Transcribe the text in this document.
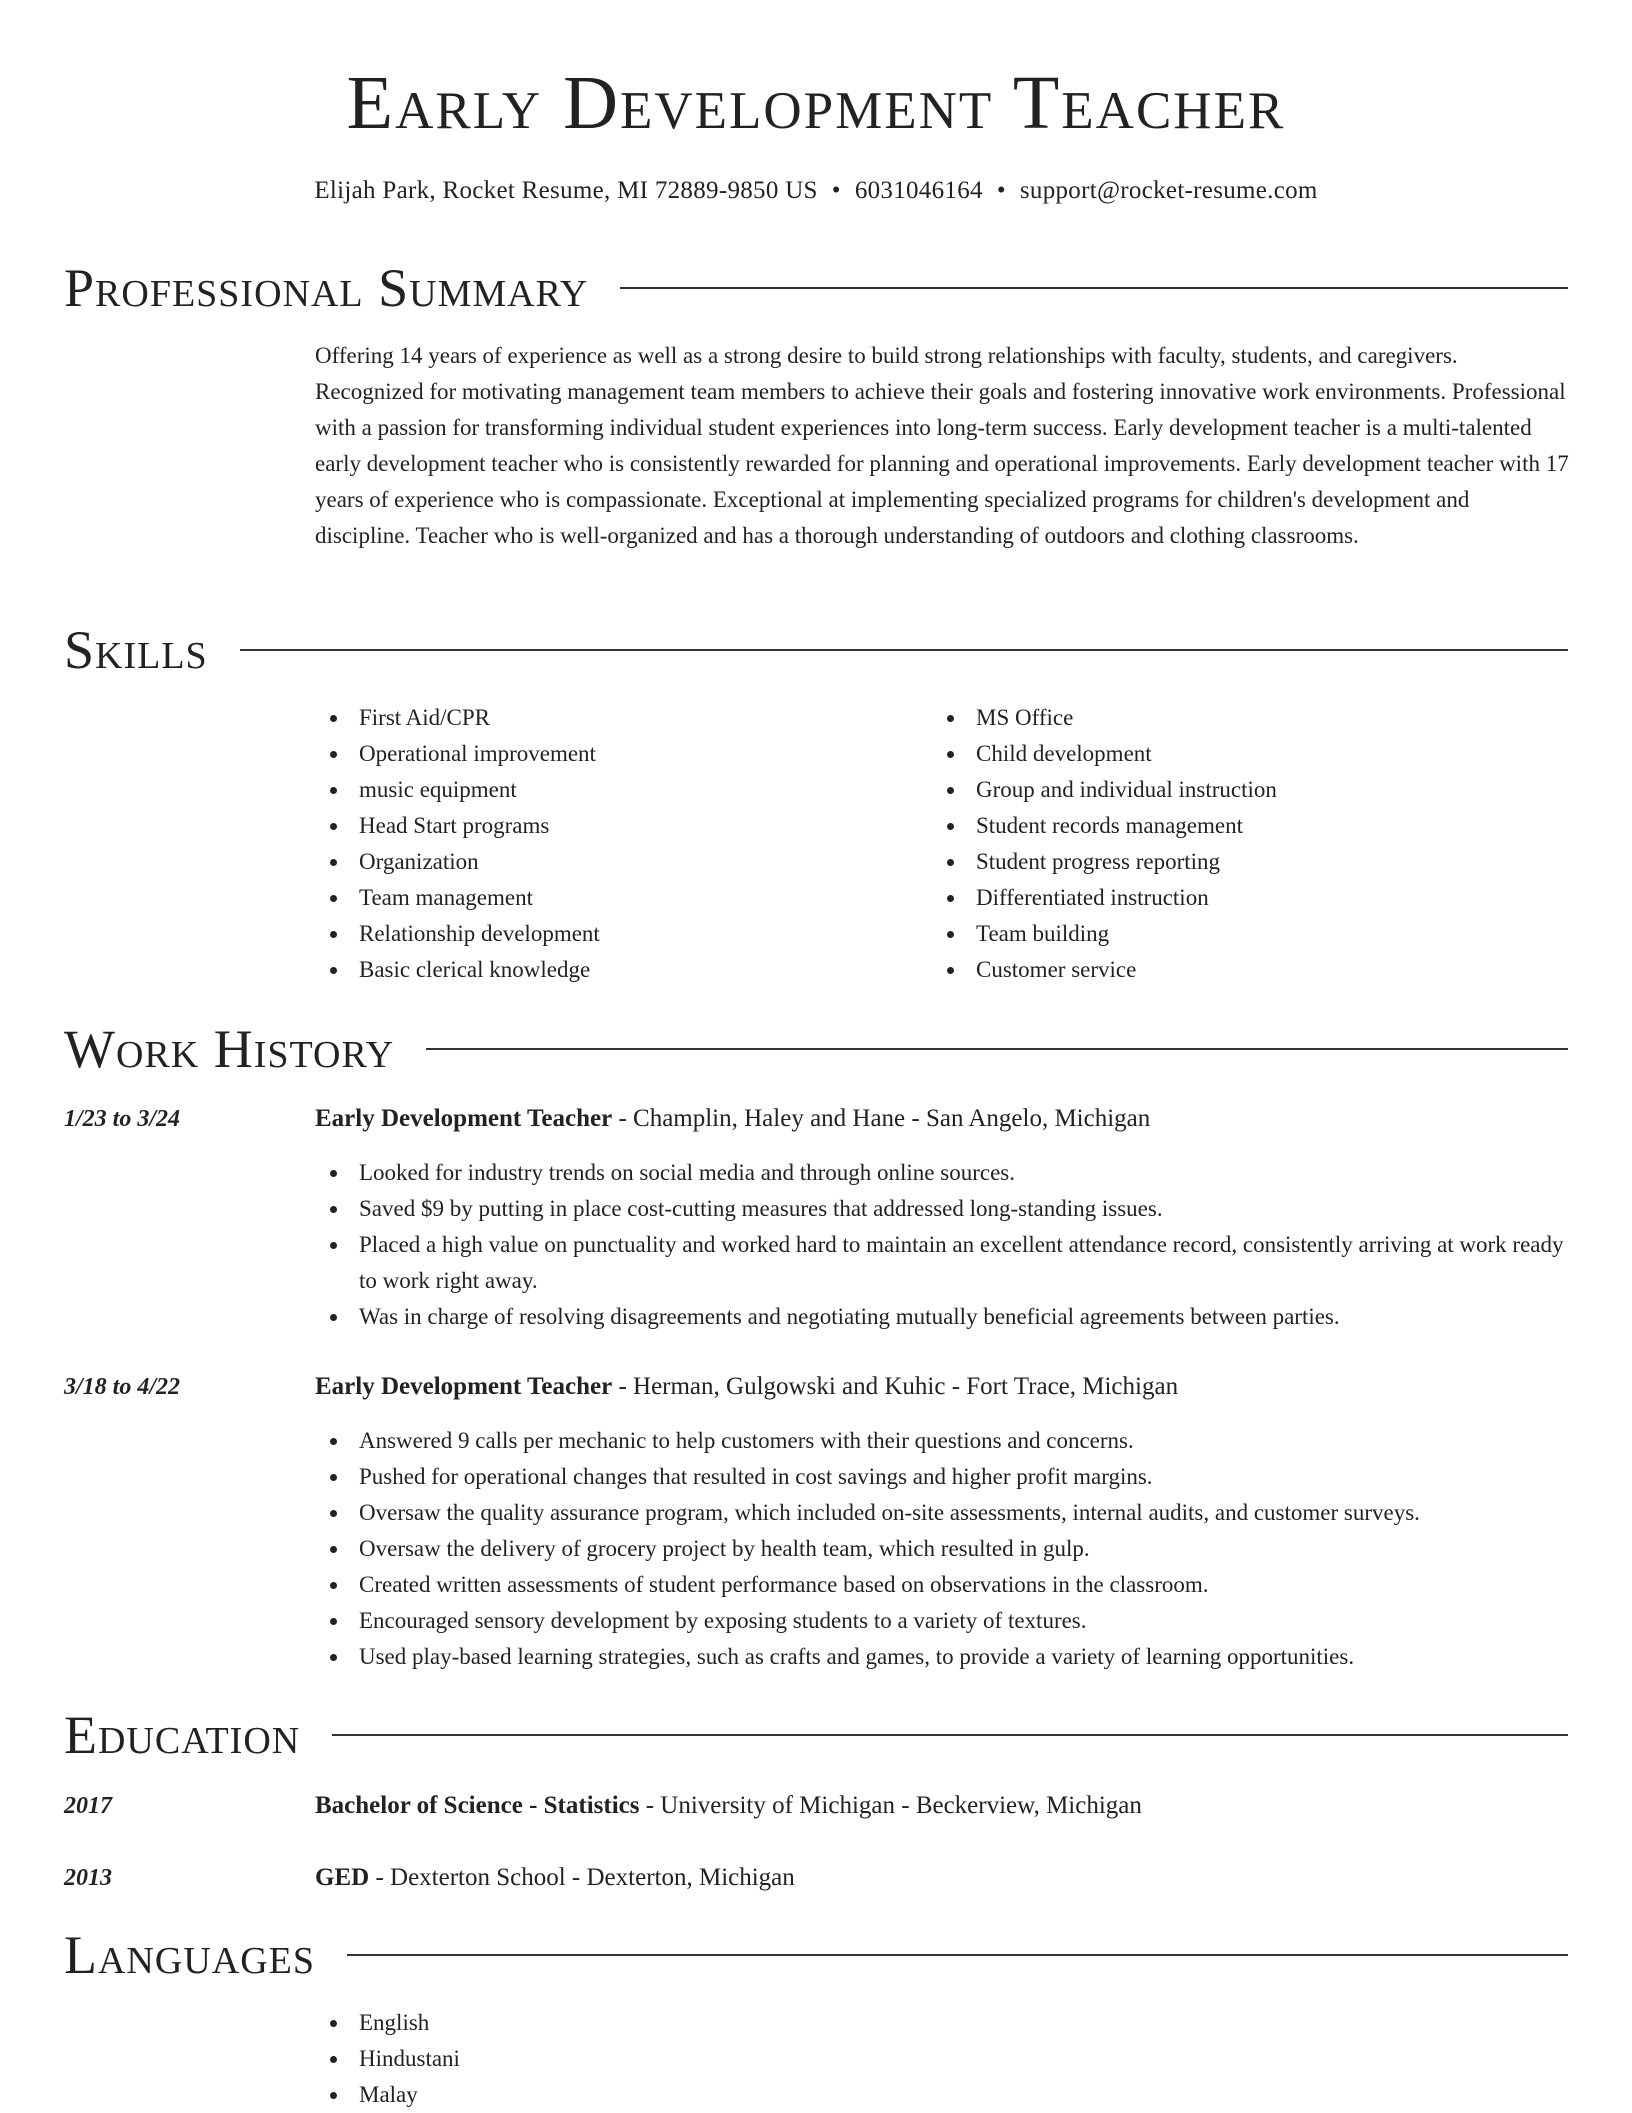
Early Development Teacher
Elijah Park, Rocket Resume, MI 72889-9850 US • 6031046164 • support@rocket-resume.com
Professional Summary
Offering 14 years of experience as well as a strong desire to build strong relationships with faculty, students, and caregivers. Recognized for motivating management team members to achieve their goals and fostering innovative work environments. Professional with a passion for transforming individual student experiences into long-term success. Early development teacher is a multi-talented early development teacher who is consistently rewarded for planning and operational improvements. Early development teacher with 17 years of experience who is compassionate. Exceptional at implementing specialized programs for children's development and discipline. Teacher who is well-organized and has a thorough understanding of outdoors and clothing classrooms.
Skills
First Aid/CPR
Operational improvement
music equipment
Head Start programs
Organization
Team management
Relationship development
Basic clerical knowledge
MS Office
Child development
Group and individual instruction
Student records management
Student progress reporting
Differentiated instruction
Team building
Customer service
Work History
1/23 to 3/24	Early Development Teacher - Champlin, Haley and Hane - San Angelo, Michigan
Looked for industry trends on social media and through online sources.
Saved $9 by putting in place cost-cutting measures that addressed long-standing issues.
Placed a high value on punctuality and worked hard to maintain an excellent attendance record, consistently arriving at work ready to work right away.
Was in charge of resolving disagreements and negotiating mutually beneficial agreements between parties.
3/18 to 4/22	Early Development Teacher - Herman, Gulgowski and Kuhic - Fort Trace, Michigan
Answered 9 calls per mechanic to help customers with their questions and concerns.
Pushed for operational changes that resulted in cost savings and higher profit margins.
Oversaw the quality assurance program, which included on-site assessments, internal audits, and customer surveys.
Oversaw the delivery of grocery project by health team, which resulted in gulp.
Created written assessments of student performance based on observations in the classroom.
Encouraged sensory development by exposing students to a variety of textures.
Used play-based learning strategies, such as crafts and games, to provide a variety of learning opportunities.
Education
2017	Bachelor of Science - Statistics - University of Michigan - Beckerview, Michigan
2013	GED - Dexterton School - Dexterton, Michigan
Languages
English
Hindustani
Malay
